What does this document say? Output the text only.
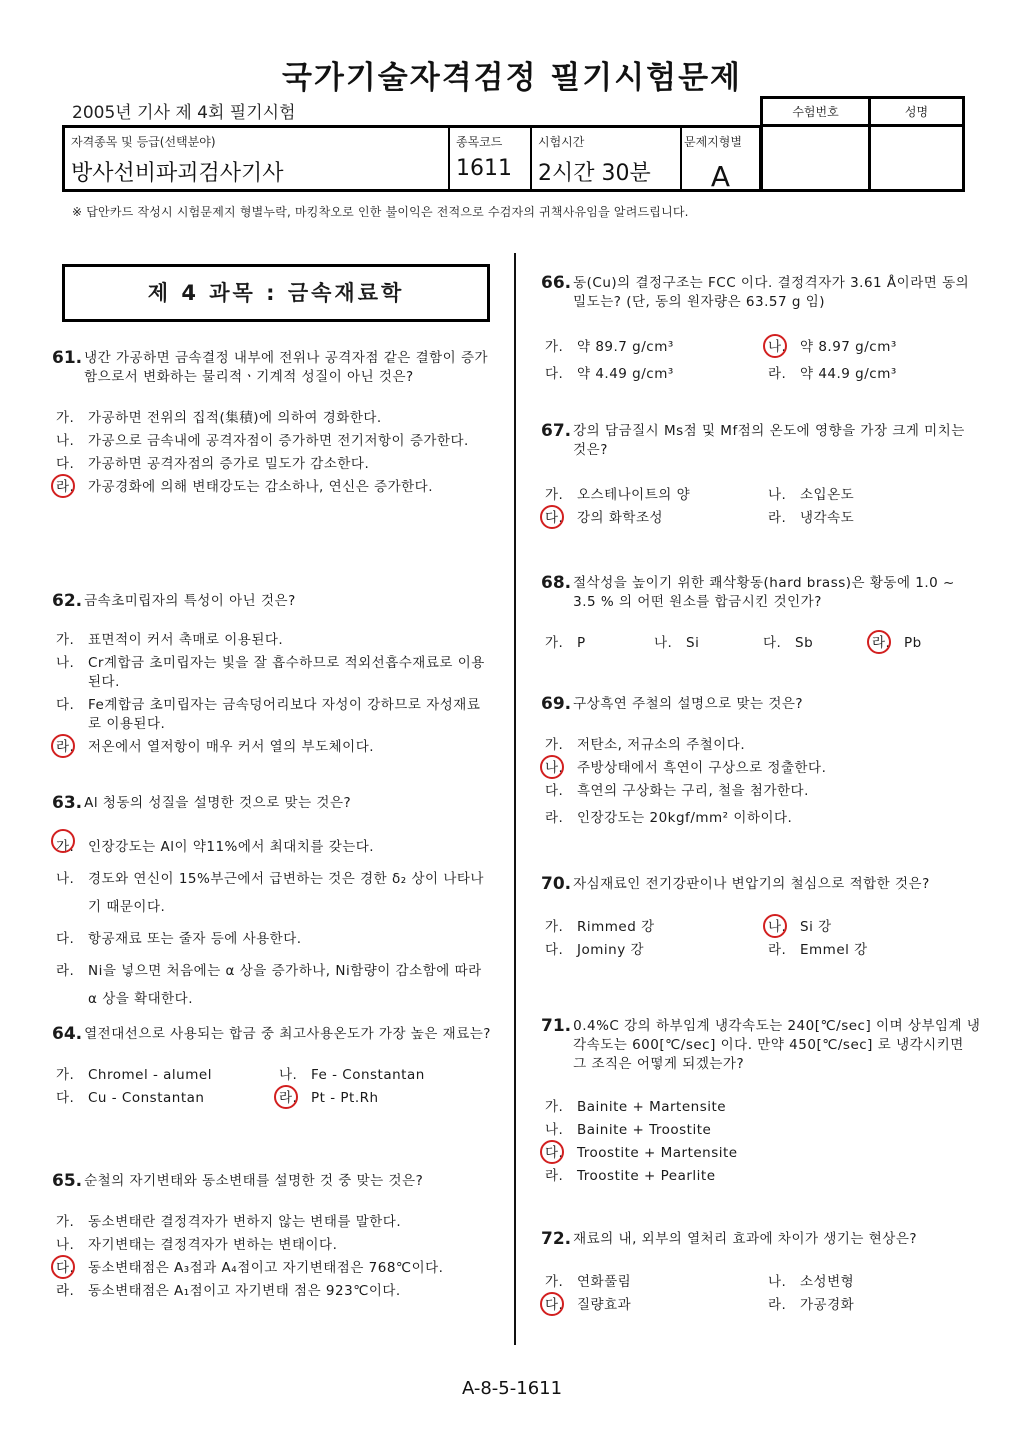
국가기술자격검정 필기시험문제
2005년 기사 제 4회 필기시험
자격종목 및 등급(선택분야)
방사선비파괴검사기사
종목코드
1611
시험시간
2시간 30분
문제지형별
A
수험번호	성명
※ 답안카드 작성시 시험문제지 형별누락, 마킹착오로 인한 불이익은 전적으로 수검자의 귀책사유임을 알려드립니다.
제 4 과목 : 금속재료학
61. 냉간 가공하면 금속결정 내부에 전위나 공격자점 같은 결함이 증가함으로서 변화하는 물리적ㆍ기계적 성질이 아닌 것은?
가.	가공하면 전위의 집적(集積)에 의하여 경화한다.
나.	가공으로 금속내에 공격자점이 증가하면 전기저항이 증가한다.
다.	가공하면 공격자점의 증가로 밀도가 감소한다.
라.	가공경화에 의해 변태강도는 감소하나, 연신은 증가한다.
62. 금속초미립자의 특성이 아닌 것은?
가.	표면적이 커서 촉매로 이용된다.
나.	Cr계합금 초미립자는 빛을 잘 흡수하므로 적외선흡수재료로 이용된다.
다.	Fe계합금 초미립자는 금속덩어리보다 자성이 강하므로 자성재료로 이용된다.
라.	저온에서 열저항이 매우 커서 열의 부도체이다.
63. Al 청동의 성질을 설명한 것으로 맞는 것은?
가.	인장강도는 Al이 약11%에서 최대치를 갖는다.
나.	경도와 연신이 15%부근에서 급변하는 것은 경한 δ₂ 상이 나타나기 때문이다.
다.	항공재료 또는 줄자 등에 사용한다.
라.	Ni을 넣으면 처음에는 α 상을 증가하나, Ni함량이 감소함에 따라 α 상을 확대한다.
64. 열전대선으로 사용되는 합금 중 최고사용온도가 가장 높은 재료는?
가.	Chromel - alumel	나.	Fe - Constantan
다.	Cu - Constantan	라.	Pt - Pt.Rh
65. 순철의 자기변태와 동소변태를 설명한 것 중 맞는 것은?
가.	동소변태란 결정격자가 변하지 않는 변태를 말한다.
나.	자기변태는 결정격자가 변하는 변태이다.
다.	동소변태점은 A₃점과 A₄점이고 자기변태점은 768℃이다.
라.	동소변태점은 A₁점이고 자기변태 점은 923℃이다.
66. 동(Cu)의 결정구조는 FCC 이다. 결정격자가 3.61 Å이라면 동의 밀도는? (단, 동의 원자량은 63.57 g 임)
가.	약 89.7 g/cm³	나.	약 8.97 g/cm³
다.	약 4.49 g/cm³	라.	약 44.9 g/cm³
67. 강의 담금질시 Ms점 및 Mf점의 온도에 영향을 가장 크게 미치는 것은?
가.	오스테나이트의 양	나.	소입온도
다.	강의 화학조성	라.	냉각속도
68. 절삭성을 높이기 위한 쾌삭황동(hard brass)은 황동에 1.0 ~ 3.5 % 의 어떤 원소를 합금시킨 것인가?
가.	P	나.	Si	다.	Sb	라.	Pb
69. 구상흑연 주철의 설명으로 맞는 것은?
가.	저탄소, 저규소의 주철이다.
나.	주방상태에서 흑연이 구상으로 정출한다.
다.	흑연의 구상화는 구리, 철을 첨가한다.
라.	인장강도는 20kgf/mm² 이하이다.
70. 자심재료인 전기강판이나 변압기의 철심으로 적합한 것은?
가.	Rimmed 강	나.	Si 강
다.	Jominy 강	라.	Emmel 강
71. 0.4%C 강의 하부임계 냉각속도는 240[℃/sec] 이며 상부임계 냉각속도는 600[℃/sec] 이다. 만약 450[℃/sec] 로 냉각시키면 그 조직은 어떻게 되겠는가?
가.	Bainite + Martensite
나.	Bainite + Troostite
다.	Troostite + Martensite
라.	Troostite + Pearlite
72. 재료의 내, 외부의 열처리 효과에 차이가 생기는 현상은?
가.	연화풀림	나.	소성변형
다.	질량효과	라.	가공경화
A-8-5-1611
